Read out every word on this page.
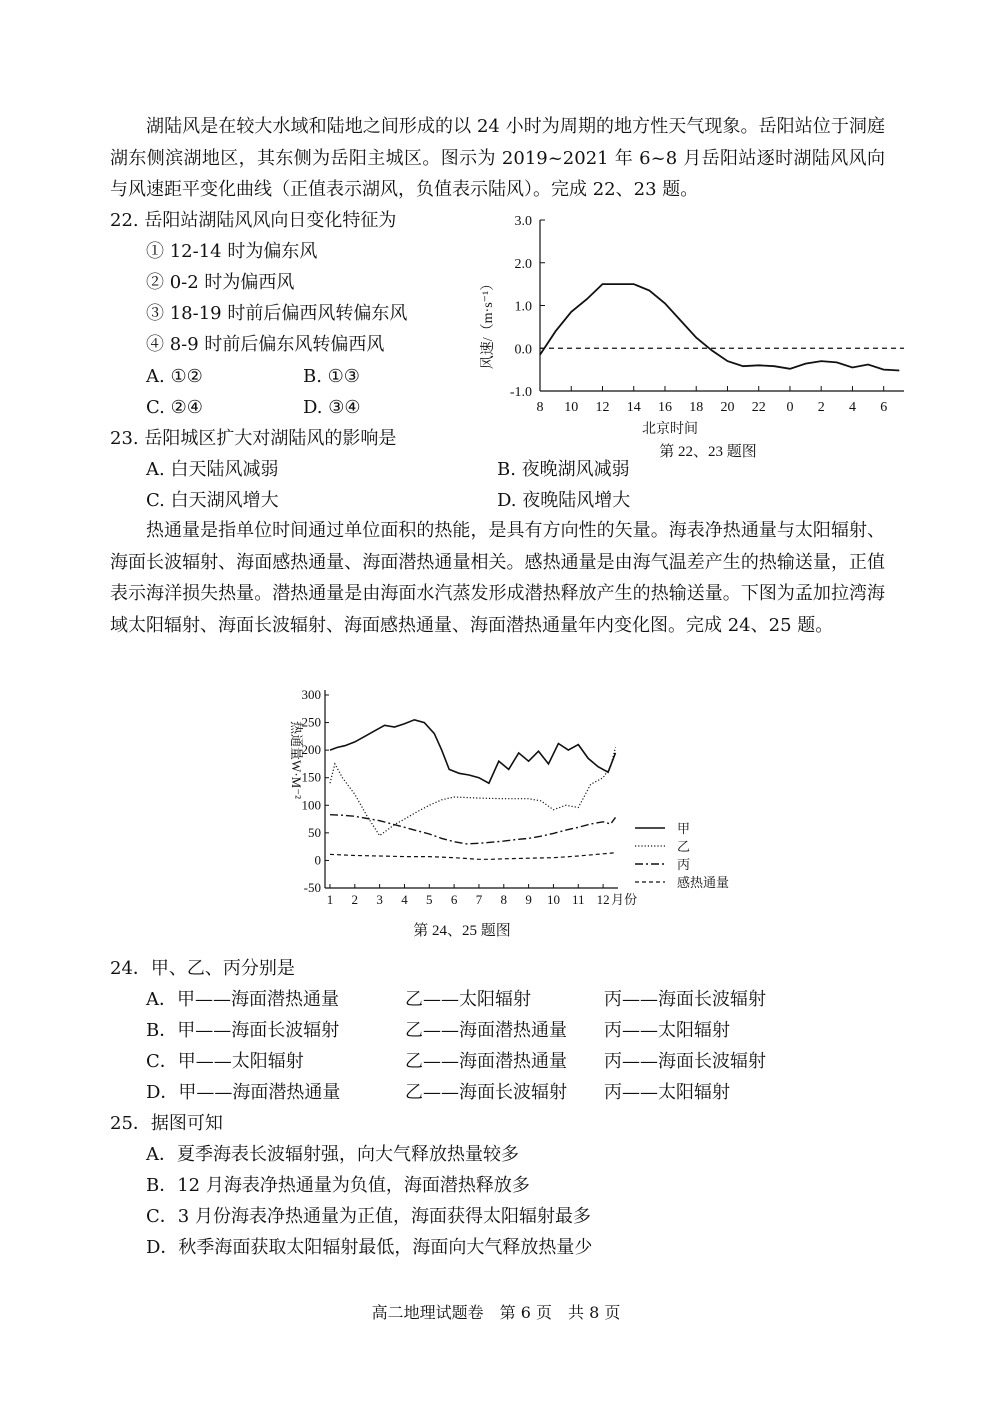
湖陆风是在较大水域和陆地之间形成的以 24 小时为周期的地方性天气现象。岳阳站位于洞庭湖东侧滨湖地区，其东侧为岳阳主城区。图示为 2019~2021 年 6~8 月岳阳站逐时湖陆风风向与风速距平变化曲线（正值表示湖风，负值表示陆风）。完成 22、23 题。
22. 岳阳站湖陆风风向日变化特征为
① 12-14 时为偏东风
② 0-2 时为偏西风
③ 18-19 时前后偏西风转偏东风
④ 8-9 时前后偏东风转偏西风
A. ①②	B. ①③
C. ②④	D. ③④
3.0
2.0
1.0
0.0
-1.0
8 10 12 14 16 18 20 22 0 2 4 6
北京时间
风速/（m·s⁻¹）
第 22、23 题图
23. 岳阳城区扩大对湖陆风的影响是
A. 白天陆风减弱	B. 夜晚湖风减弱
C. 白天湖风增大	D. 夜晚陆风增大
热通量是指单位时间通过单位面积的热能，是具有方向性的矢量。海表净热通量与太阳辐射、海面长波辐射、海面感热通量、海面潜热通量相关。感热通量是由海气温差产生的热输送量，正值表示海洋损失热量。潜热通量是由海面水汽蒸发形成潜热释放产生的热输送量。下图为孟加拉湾海域太阳辐射、海面长波辐射、海面感热通量、海面潜热通量年内变化图。完成 24、25 题。
300
250
200
150
100
50
0
-50
1 2 3 4 5 6 7 8 9 10 11 12 月份
甲
乙
丙
感热通量
热通量W·M⁻²
第 24、25 题图
24．甲、乙、丙分别是
A．甲——海面潜热通量	乙——太阳辐射	丙——海面长波辐射
B．甲——海面长波辐射	乙——海面潜热通量 丙——太阳辐射
C．甲——太阳辐射	乙——海面潜热通量 丙——海面长波辐射
D．甲——海面潜热通量	乙——海面长波辐射 丙——太阳辐射
25．据图可知
A．夏季海表长波辐射强，向大气释放热量较多
B．12 月海表净热通量为负值，海面潜热释放多
C．3 月份海表净热通量为正值，海面获得太阳辐射最多
D．秋季海面获取太阳辐射最低，海面向大气释放热量少
高二地理试题卷　第 6 页　共 8 页
